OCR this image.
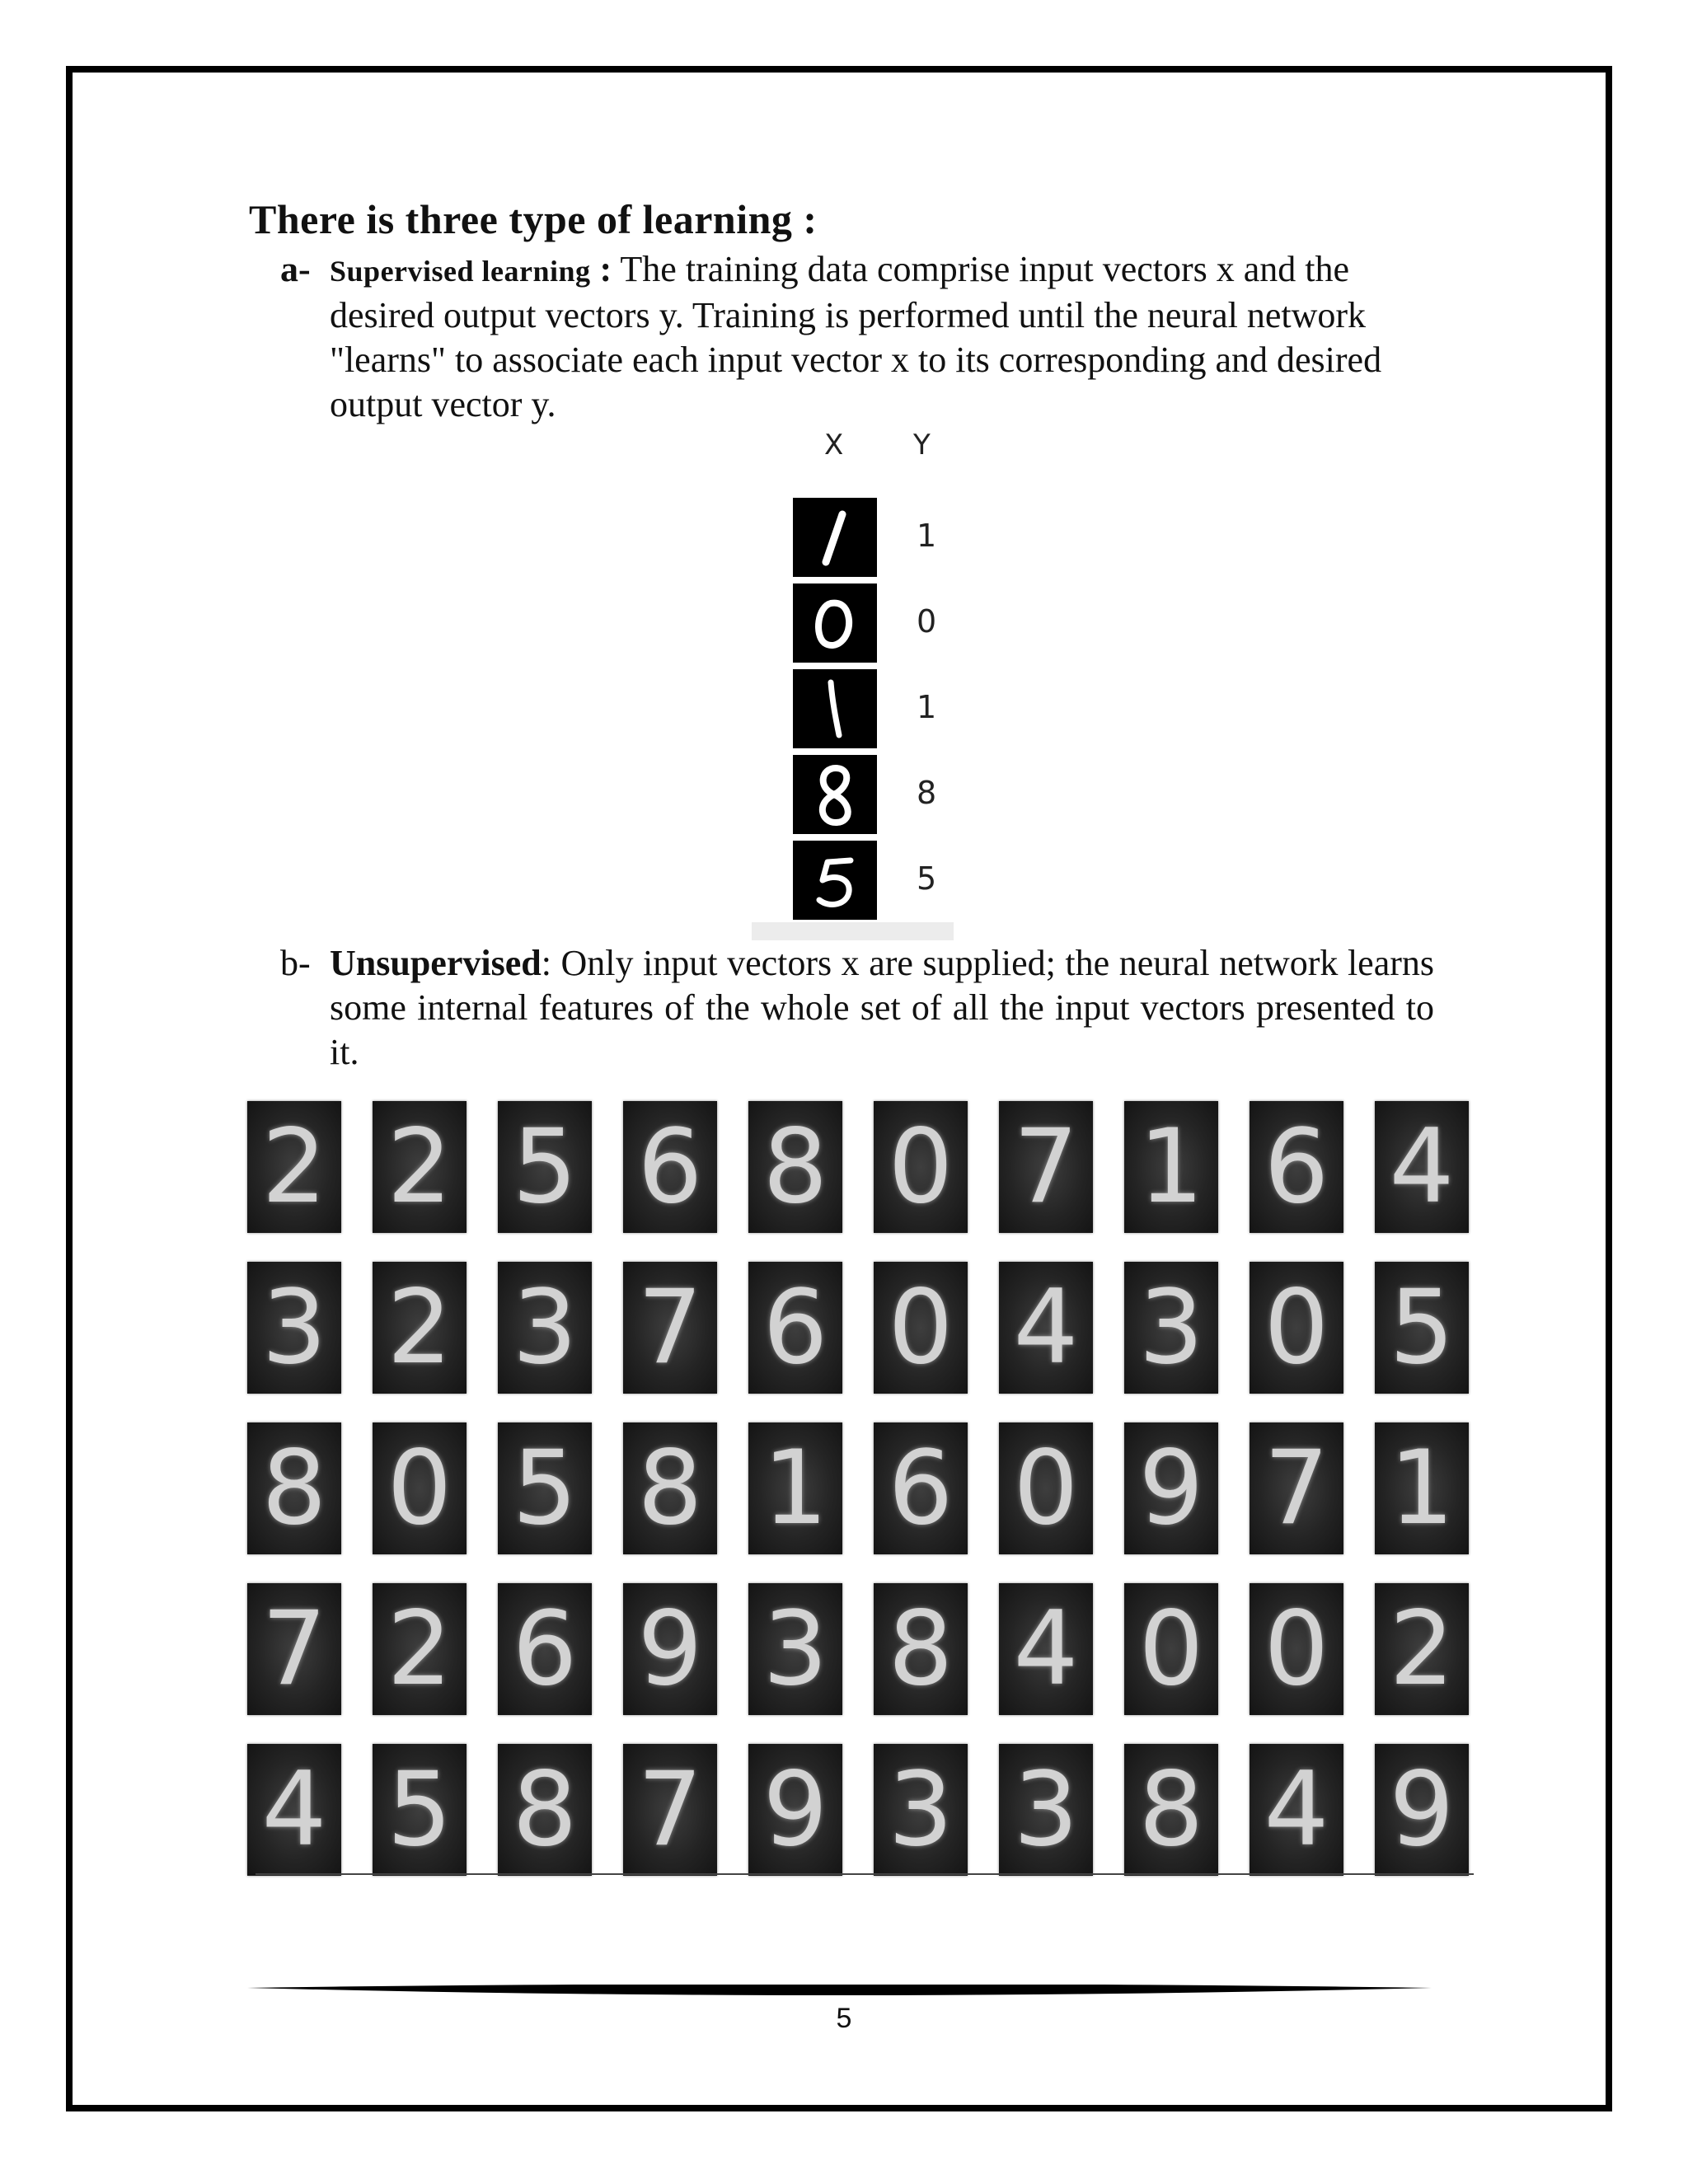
There is three type of learning :
a- Supervised learning : The training data comprise input vectors x and the desired output vectors y. Training is performed until the neural network "learns" to associate each input vector x to its corresponding and desired output vector y.
X Y
1
0
1
8
5
b- Unsupervised: Only input vectors x are supplied; the neural network learns some internal features of the whole set of all the input vectors presented to it.
2 2 5 6 8 0 7 1 6 4
3 2 3 7 6 0 4 3 0 5
8 0 5 8 1 6 0 9 7 1
7 2 6 9 3 8 4 0 0 2
4 5 8 7 9 3 3 8 4 9
5
